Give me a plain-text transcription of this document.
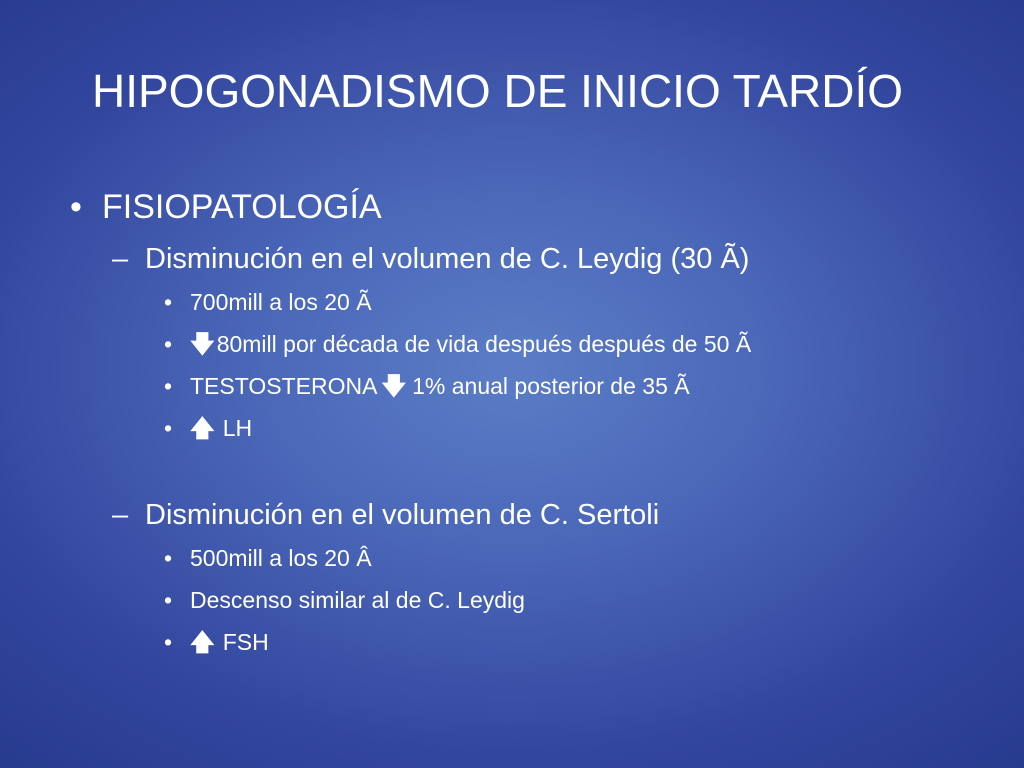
HIPOGONADISMO DE INICIO TARDÍO
• FISIOPATOLOGÍA
– Disminución en el volumen de C. Leydig (30 Ã)
• 700mill a los 20 Ã
• 🡇80mill por década de vida después después de 50 Ã
• TESTOSTERONA 🡇 1% anual posterior de 35 Ã
• 🡅 LH
– Disminución en el volumen de C. Sertoli
• 500mill a los 20 Â
• Descenso similar al de C. Leydig
• 🡅 FSH
